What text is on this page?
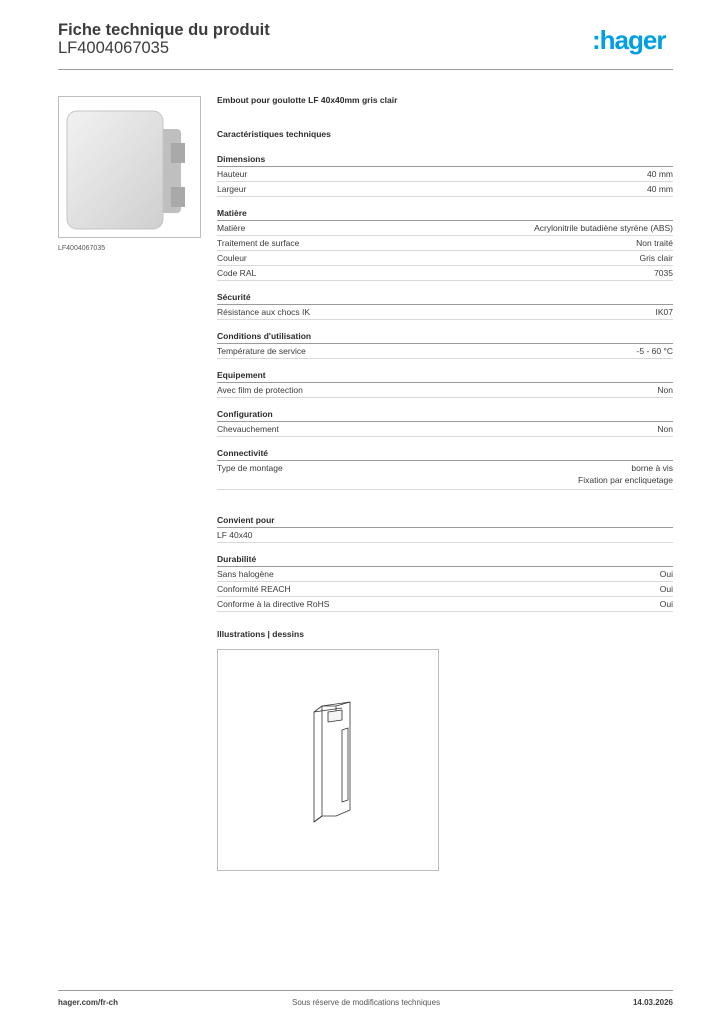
Fiche technique du produit
LF4004067035	:hager
LF4004067035
Embout pour goulotte LF 40x40mm gris clair
Caractéristiques techniques
Dimensions
Hauteur	40 mm
Largeur	40 mm
Matière
Matière	Acrylonitrile butadiène styrène (ABS)
Traitement de surface	Non traité
Couleur	Gris clair
Code RAL	7035
Sécurité
Résistance aux chocs IK	IK07
Conditions d'utilisation
Température de service	-5 - 60 °C
Equipement
Avec film de protection	Non
Configuration
Chevauchement	Non
Connectivité
Type de montage	borne à vis
Fixation par encliquetage
Convient pour
LF 40x40
Durabilité
Sans halogène	Oui
Conformité REACH	Oui
Conforme à la directive RoHS	Oui
Illustrations | dessins
hager.com/fr-ch	Sous réserve de modifications techniques	14.03.2026
